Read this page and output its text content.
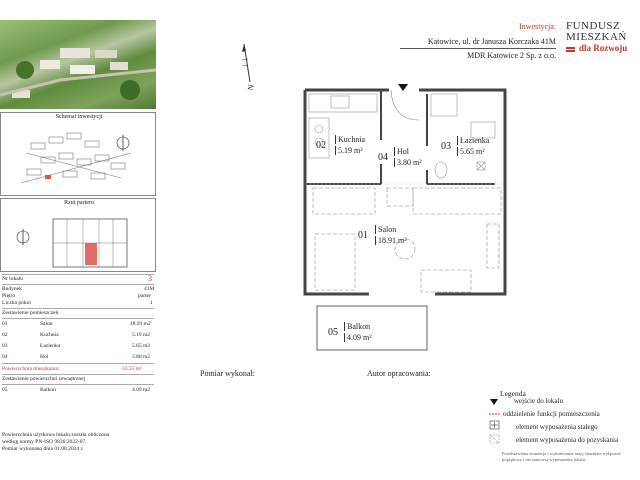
Schemat inwestycji
Rzut parteru
Nr lokalu	3
Budynek	41M
Piętro	parter
Liczba pokoi	1
Zestawienie pomieszczeń
01	Salon	18.91 m2
02	Kuchnia	5.19 m2
03	Łazienka	5.65 m2
04	Hol	3.80 m2
Powierzchnia mieszkania:	33.55 m²
Zestawienie powierzchni zewnętrznej
05	Balkon	4.09 m2
Powierzchnia użytkowa lokalu została obliczona
według normy PN-ISO 9836:2022-07.
Pomiar wykonano dnia 01.08.2024 r.
Inwestycja:
Katowice, ul. dr Janusza Korczaka 41M
MDR Katowice 2 Sp. z o.o.
FUNDUSZ
MIESZKAŃ
dla Rozwoju
N
02
Kuchnia
5.19 m²
04
Hol
3.80 m²
03
Łazienka
5.65 m²
01
Salon
18.91 m²
05
Balkon
4.09 m²
Pomiar wykonał:	Autor opracowania:
Legenda
wejście do lokalu
oddzielenie funkcji pomieszczenia
element wyposażenia stałego
element wyposażenia do pozyskania
Przedstawiona aranżacja i wykończenie mają charakter wyłącznie
poglądowy i nie stanowią wyposażenia lokalu.
